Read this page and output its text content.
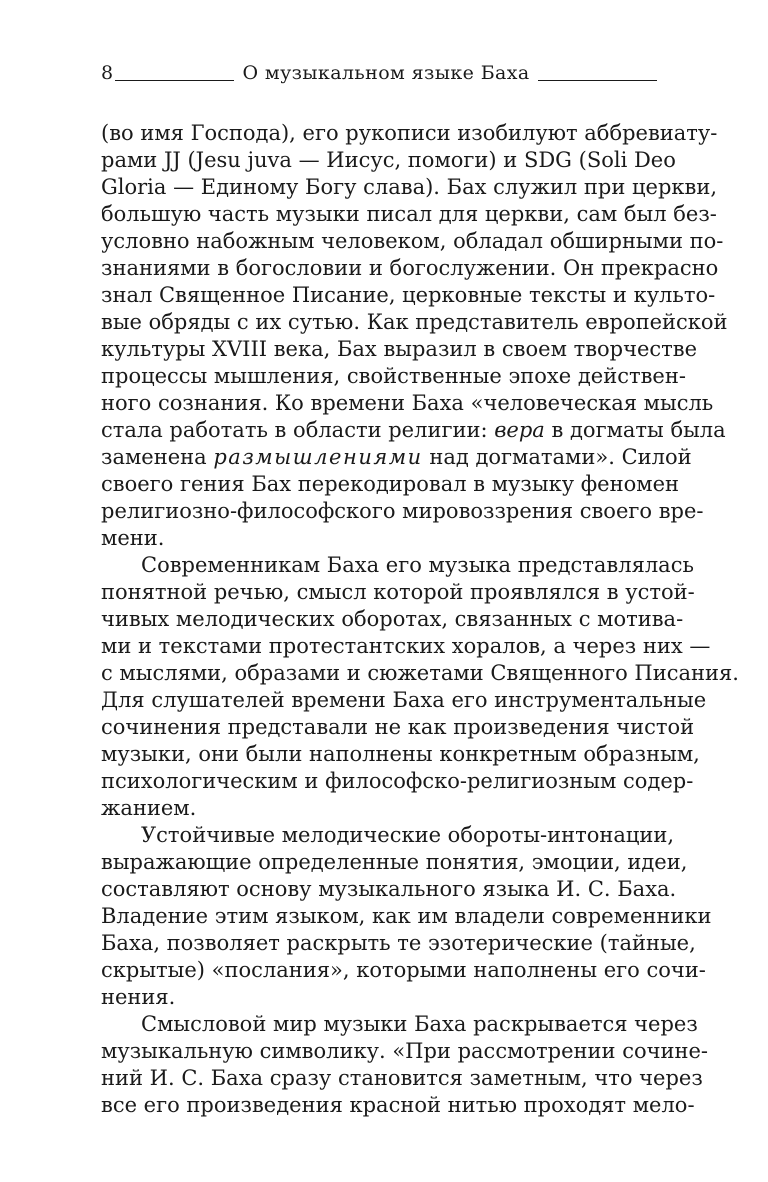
8	О музыкальном языке Баха
(во имя Господа), его рукописи изобилуют аббревиату-
рами JJ (Jesu juva — Иисус, помоги) и SDG (Soli Deo
Gloria — Единому Богу слава). Бах служил при церкви,
большую часть музыки писал для церкви, сам был без-
условно набожным человеком, обладал обширными по-
знаниями в богословии и богослужении. Он прекрасно
знал Священное Писание, церковные тексты и культо-
вые обряды с их сутью. Как представитель европейской
культуры XVIII века, Бах выразил в своем творчестве
процессы мышления, свойственные эпохе действен-
ного сознания. Ко времени Баха «человеческая мысль
стала работать в области религии: вера в догматы была
заменена размышлениями над догматами». Силой
своего гения Бах перекодировал в музыку феномен
религиозно-философского мировоззрения своего вре-
мени.
Современникам Баха его музыка представлялась
понятной речью, смысл которой проявлялся в устой-
чивых мелодических оборотах, связанных с мотива-
ми и текстами протестантских хоралов, а через них —
с мыслями, образами и сюжетами Священного Писания.
Для слушателей времени Баха его инструментальные
сочинения представали не как произведения чистой
музыки, они были наполнены конкретным образным,
психологическим и философско-религиозным содер-
жанием.
Устойчивые мелодические обороты-интонации,
выражающие определенные понятия, эмоции, идеи,
составляют основу музыкального языка И. С. Баха.
Владение этим языком, как им владели современники
Баха, позволяет раскрыть те эзотерические (тайные,
скрытые) «послания», которыми наполнены его сочи-
нения.
Смысловой мир музыки Баха раскрывается через
музыкальную символику. «При рассмотрении сочине-
ний И. С. Баха сразу становится заметным, что через
все его произведения красной нитью проходят мело-
